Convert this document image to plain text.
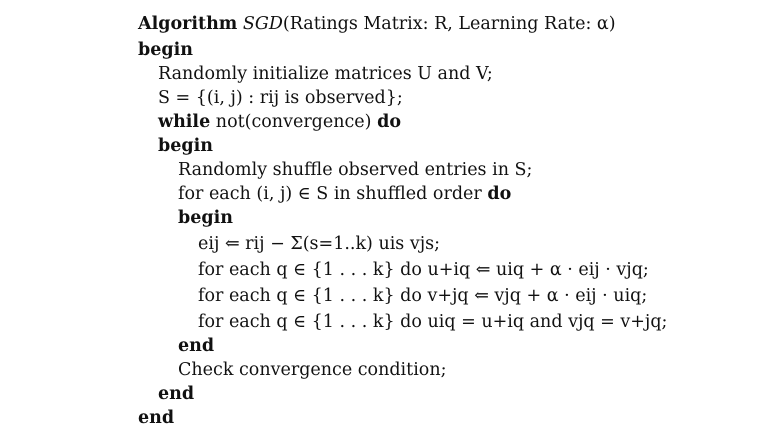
Algorithm SGD(Ratings Matrix: R, Learning Rate: α)
begin
Randomly initialize matrices U and V;
S = {(i, j) : rij is observed};
while not(convergence) do
begin
Randomly shuffle observed entries in S;
for each (i, j) ∈ S in shuffled order do
begin
eij ⇐ rij − Σ(s=1..k) uis vjs;
for each q ∈ {1 . . . k} do u+iq ⇐ uiq + α · eij · vjq;
for each q ∈ {1 . . . k} do v+jq ⇐ vjq + α · eij · uiq;
for each q ∈ {1 . . . k} do uiq = u+iq and vjq = v+jq;
end
Check convergence condition;
end
end
